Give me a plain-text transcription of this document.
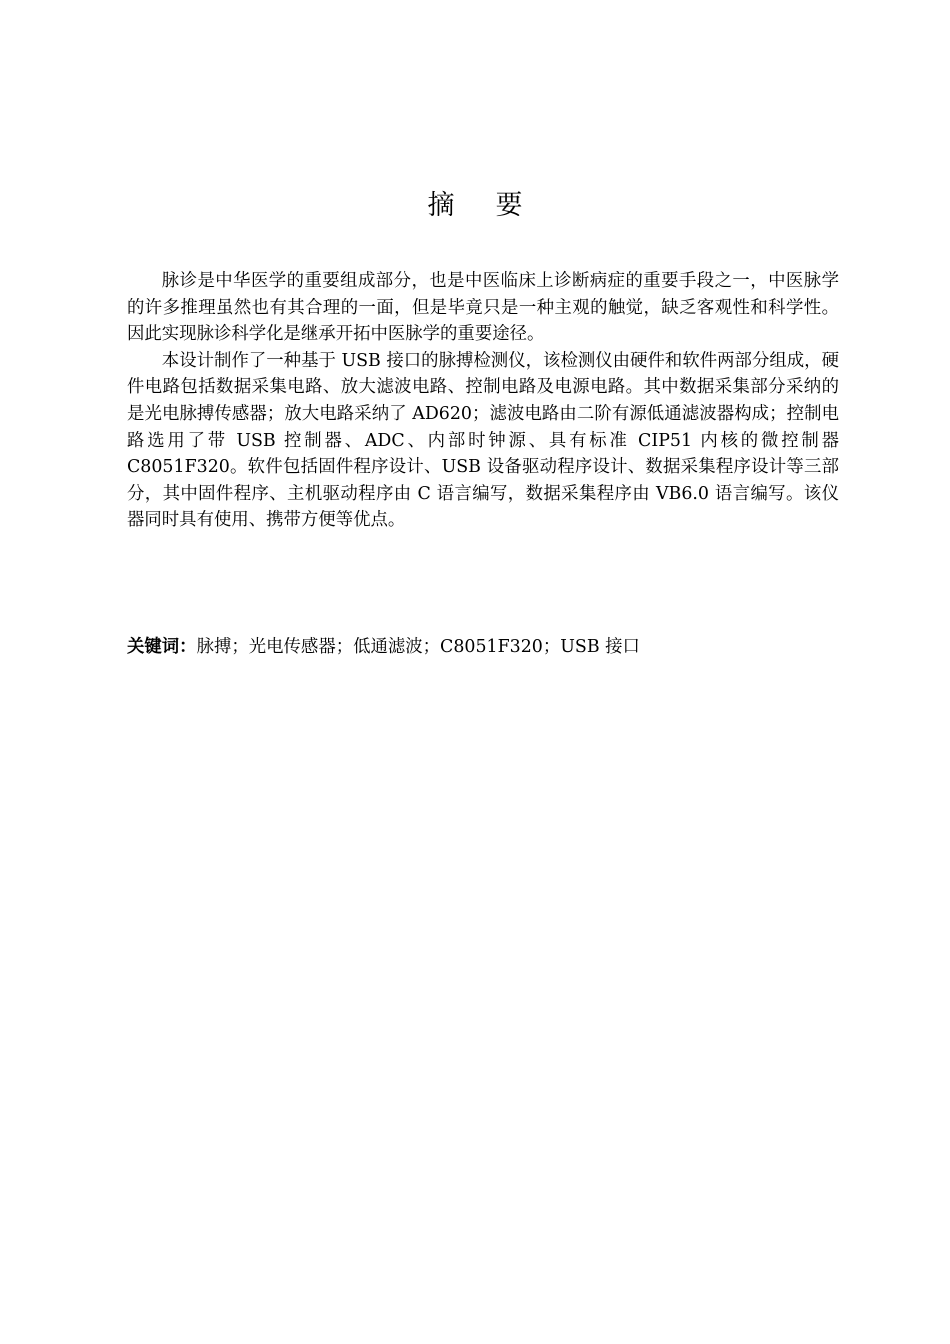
摘 要

脉诊是中华医学的重要组成部分，也是中医临床上诊断病症的重要手段之一，中医脉学的许多推理虽然也有其合理的一面，但是毕竟只是一种主观的触觉，缺乏客观性和科学性。因此实现脉诊科学化是继承开拓中医脉学的重要途径。

本设计制作了一种基于 USB 接口的脉搏检测仪，该检测仪由硬件和软件两部分组成，硬件电路包括数据采集电路、放大滤波电路、控制电路及电源电路。其中数据采集部分采纳的是光电脉搏传感器；放大电路采纳了 AD620；滤波电路由二阶有源低通滤波器构成；控制电路选用了带 USB 控制器、ADC、内部时钟源、具有标准 CIP51 内核的微控制器 C8051F320。软件包括固件程序设计、USB 设备驱动程序设计、数据采集程序设计等三部分，其中固件程序、主机驱动程序由 C 语言编写，数据采集程序由 VB6.0 语言编写。该仪器同时具有使用、携带方便等优点。

关键词：脉搏；光电传感器；低通滤波；C8051F320；USB 接口
